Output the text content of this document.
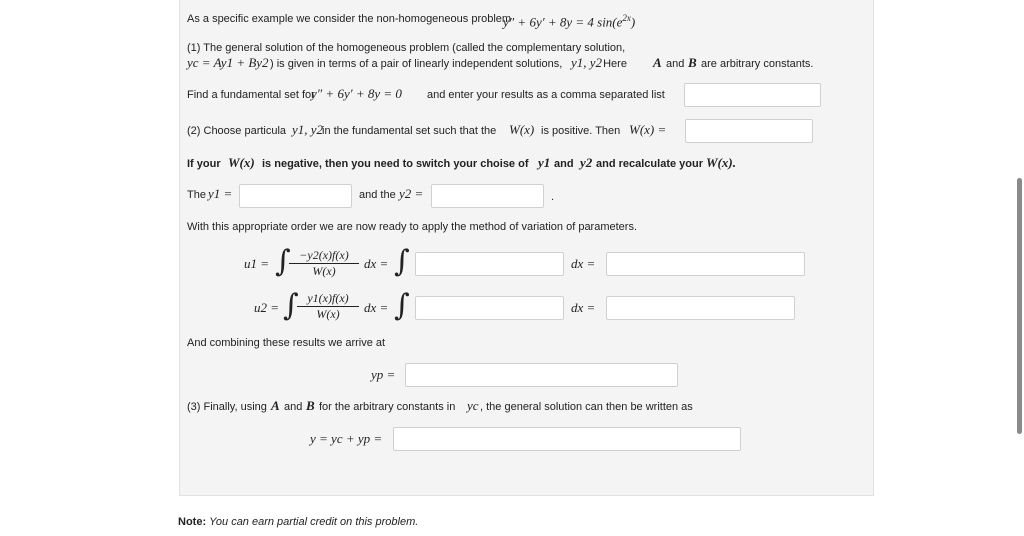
As a specific example we consider the non-homogeneous problem
y″ + 6y′ + 8y = 4 $\sin(e^{2x})$
(1) The general solution of the homogeneous problem (called the complementary solution,
yc = Ay1 + By2 ) is given in terms of a pair of linearly independent solutions, y1, y2
. Here A and B are arbitrary constants.
Find a fundamental set for
y″ + 6y′ + 8y = 0 and enter your results as a comma separated list
(2) Choose particula y1, y2
in the fundamental set such that the W(x) is positive. Then W(x) =
If your W(x) is negative, then you need to switch your choise of y1 and y2 and recalculate your W(x).
The y1 =	and the y2 =	.
With this appropriate order we are now ready to apply the method of variation of parameters.
u1 = ∫
$\frac{-y2(x)f(x)}{W(x)}$ dx = ∫	dx =
u2 = ∫
$\frac{y1(x)f(x)}{W(x)}$ dx = ∫	dx =
And combining these results we arrive at
yp =
(3) Finally, using A and B for the arbitrary constants in yc , the general solution can then be written as
y = yc + yp =
Note: You can earn partial credit on this problem.
